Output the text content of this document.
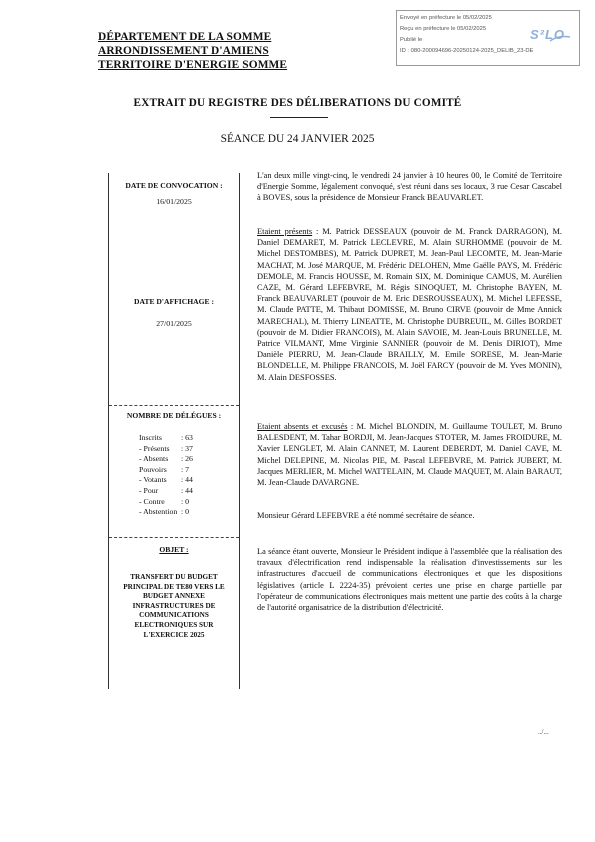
DÉPARTEMENT DE LA SOMME
ARRONDISSEMENT D'AMIENS
TERRITOIRE D'ENERGIE SOMME
Envoyé en préfecture le 05/02/2025
Reçu en préfecture le 05/02/2025
Publié le
ID : 080-200094696-20250124-2025_DELIB_23-DE
S²LO
EXTRAIT DU REGISTRE DES DÉLIBERATIONS DU COMITÉ
SÉANCE DU 24 JANVIER 2025
DATE DE CONVOCATION :
16/01/2025
DATE D'AFFICHAGE :
27/01/2025
NOMBRE DE DÉLÉGUES :
Inscrits : 63
- Présents : 37
- Absents : 26
Pouvoirs : 7
- Votants : 44
- Pour	: 44
- Contre : 0
- Abstention : 0
OBJET :
TRANSFERT DU BUDGET PRINCIPAL DE TE80 VERS LE BUDGET ANNEXE INFRASTRUCTURES DE COMMUNICATIONS ELECTRONIQUES SUR L'EXERCICE 2025

L'an deux mille vingt-cinq, le vendredi 24 janvier à 10 heures 00, le Comité de Territoire d'Energie Somme, légalement convoqué, s'est réuni dans ses locaux, 3 rue Cesar Cascabel à BOVES, sous la présidence de Monsieur Franck BEAUVARLET.

Etaient présents : M. Patrick DESSEAUX (pouvoir de M. Franck DARRAGON), M. Daniel DEMARET, M. Patrick LECLEVRE, M. Alain SURHOMME (pouvoir de M. Michel DESTOMBES), M. Patrick DUPRET, M. Jean-Paul LECOMTE, M. Jean-Marie MACHAT, M. José MARQUE, M. Frédéric DELOHEN, Mme Gaëlle PAYS, M. Frédéric DEMOLE, M. Francis HOUSSE, M. Romain SIX, M. Dominique CAMUS, M. Aurélien CAZE, M. Gérard LEFEBVRE, M. Régis SINOQUET, M. Christophe BAYEN, M. Franck BEAUVARLET (pouvoir de M. Eric DESROUSSEAUX), M. Michel LEFESSE, M. Claude PATTE, M. Thibaut DOMISSE, M. Bruno CIRVE (pouvoir de Mme Annick MARECHAL), M. Thierry LINEATTE, M. Christophe DUBREUIL, M. Gilles BORDET (pouvoir de M. Didier FRANCOIS), M. Alain SAVOIE, M. Jean-Louis BRUNELLE, M. Patrice VILMANT, Mme Virginie SANNIER (pouvoir de M. Denis DIRIOT), Mme Danièle PIERRU, M. Jean-Claude BRAILLY, M. Emile SORESE, M. Jean-Marie BLONDELLE, M. Philippe FRANCOIS, M. Joël FARCY (pouvoir de M. Yves MONIN), M. Alain DESFOSSES.

Etaient absents et excusés : M. Michel BLONDIN, M. Guillaume TOULET, M. Bruno BALESDENT, M. Tahar BORDJI, M. Jean-Jacques STOTER, M. James FROIDURE, M. Xavier LENGLET, M. Alain CANNET, M. Laurent DEBERDT, M. Daniel CAVE, M. Michel DELEPINE, M. Nicolas PIE, M. Pascal LEFEBVRE, M. Patrick JUBERT, M. Jacques MERLIER, M. Michel WATTELAIN, M. Claude MAQUET, M. Alain BARAUT, M. Jean-Claude DAVARGNE.

Monsieur Gérard LEFEBVRE a été nommé secrétaire de séance.

La séance étant ouverte, Monsieur le Président indique à l'assemblée que la réalisation des travaux d'électrification rend indispensable la réalisation d'investissements sur les infrastructures d'accueil de communications électroniques et que les dispositions législatives (article L 2224-35) prévoient certes une prise en charge partielle par l'opérateur de communications électroniques mais mettent une partie des coûts à la charge de l'autorité organisatrice de la distribution d'électricité.

../...
